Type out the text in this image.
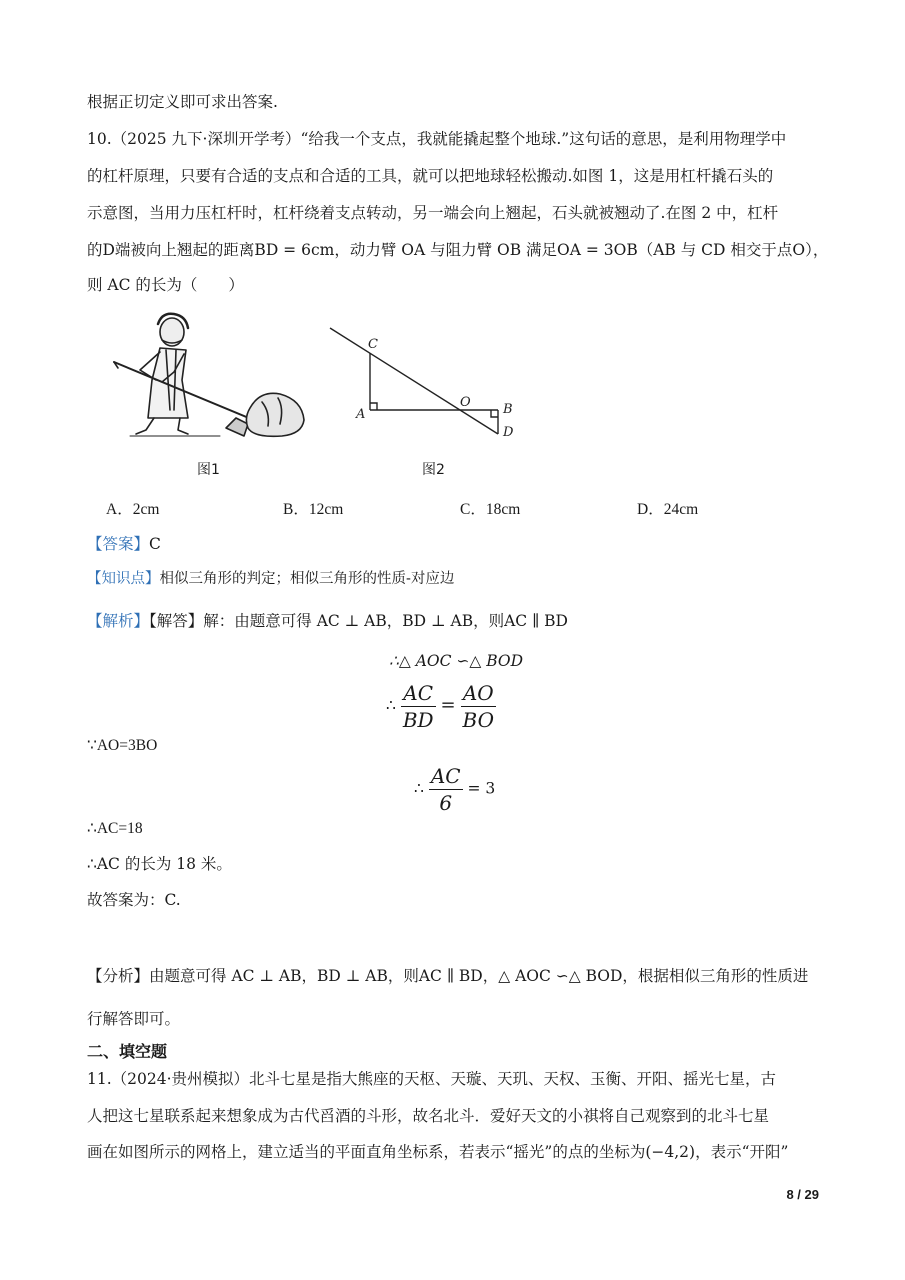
根据正切定义即可求出答案.
10.（2025 九下·深圳开学考）“给我一个支点，我就能撬起整个地球.”这句话的意思，是利用物理学中
的杠杆原理，只要有合适的支点和合适的工具，就可以把地球轻松搬动.如图 1，这是用杠杆撬石头的
示意图，当用力压杠杆时，杠杆绕着支点转动，另一端会向上翘起，石头就被翘动了.在图 2 中，杠杆
的D端被向上翘起的距离BD = 6cm，动力臂 OA 与阻力臂 OB 满足OA = 3OB（AB 与 CD 相交于点O），
则 AC 的长为（　　）
图1
C
A
O B
D
图2
A．2cm	B．12cm	C．18cm	D．24cm
【答案】C
【知识点】相似三角形的判定；相似三角形的性质-对应边
【解析】【解答】解：由题意可得 AC ⊥ AB，BD ⊥ AB，则AC ∥ BD
∴△ AOC ∽△ BOD
∴ $\frac{AC}{BD} = \frac{AO}{BO}$
∵AO=3BO
∴ $\frac{AC}{6} = 3$
∴AC=18
∴AC 的长为 18 米。
故答案为：C.
【分析】由题意可得 AC ⊥ AB，BD ⊥ AB，则AC ∥ BD，△ AOC ∽△ BOD，根据相似三角形的性质进
行解答即可。
二、填空题
11.（2024·贵州模拟）北斗七星是指大熊座的天枢、天璇、天玑、天权、玉衡、开阳、摇光七星，古
人把这七星联系起来想象成为古代舀酒的斗形，故名北斗．爱好天文的小祺将自己观察到的北斗七星
画在如图所示的网格上，建立适当的平面直角坐标系，若表示“摇光”的点的坐标为(−4,2)，表示“开阳”
8 / 29
